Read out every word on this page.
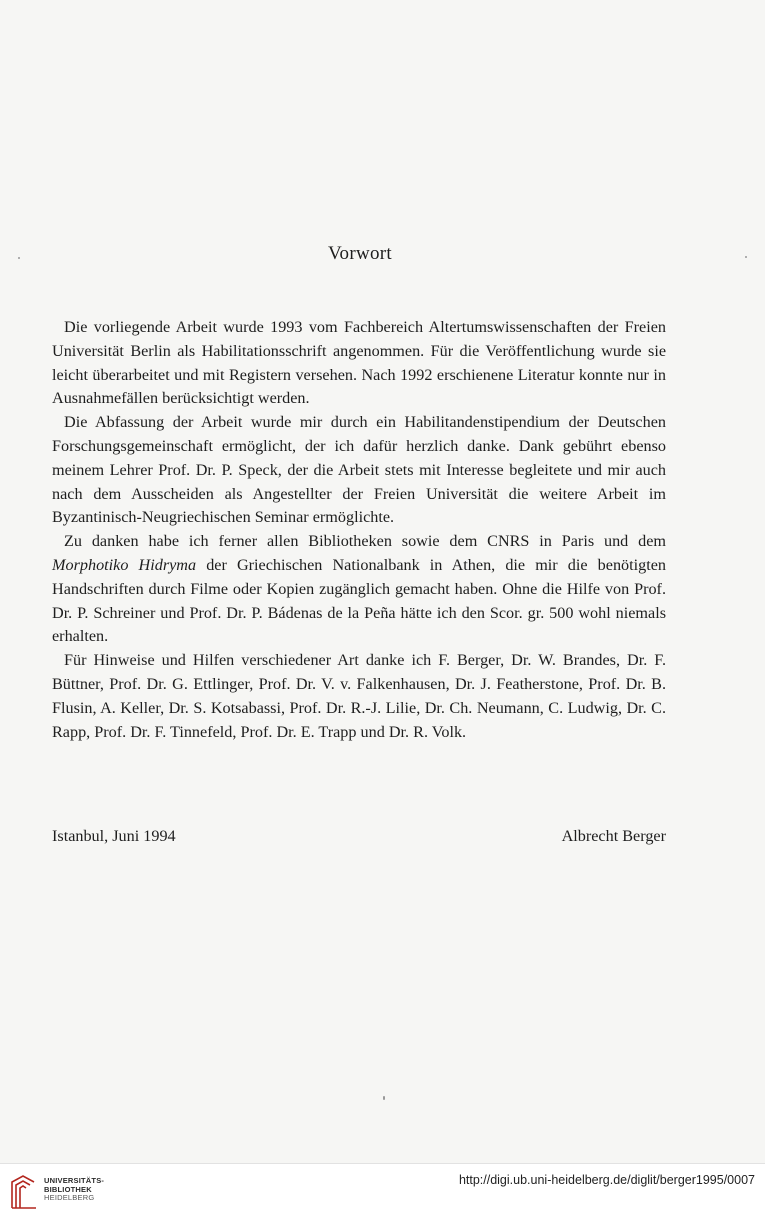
Vorwort

Die vorliegende Arbeit wurde 1993 vom Fachbereich Altertumswissenschaften der Freien Universität Berlin als Habilitationsschrift angenommen. Für die Veröffentlichung wurde sie leicht überarbeitet und mit Registern versehen. Nach 1992 erschienene Literatur konnte nur in Ausnahmefällen berücksichtigt werden.

Die Abfassung der Arbeit wurde mir durch ein Habilitandenstipendium der Deutschen Forschungsgemeinschaft ermöglicht, der ich dafür herzlich danke. Dank gebührt ebenso meinem Lehrer Prof. Dr. P. Speck, der die Arbeit stets mit Interesse begleitete und mir auch nach dem Ausscheiden als Angestellter der Freien Universität die weitere Arbeit im Byzantinisch-Neugriechischen Seminar ermöglichte.

Zu danken habe ich ferner allen Bibliotheken sowie dem CNRS in Paris und dem Morphotiko Hidryma der Griechischen Nationalbank in Athen, die mir die benötigten Handschriften durch Filme oder Kopien zugänglich gemacht haben. Ohne die Hilfe von Prof. Dr. P. Schreiner und Prof. Dr. P. Bádenas de la Peña hätte ich den Scor. gr. 500 wohl niemals erhalten.

Für Hinweise und Hilfen verschiedener Art danke ich F. Berger, Dr. W. Brandes, Dr. F. Büttner, Prof. Dr. G. Ettlinger, Prof. Dr. V. v. Falkenhausen, Dr. J. Featherstone, Prof. Dr. B. Flusin, A. Keller, Dr. S. Kotsabassi, Prof. Dr. R.-J. Lilie, Dr. Ch. Neumann, C. Ludwig, Dr. C. Rapp, Prof. Dr. F. Tinnefeld, Prof. Dr. E. Trapp und Dr. R. Volk.

Istanbul, Juni 1994	Albrecht Berger
UNIVERSITÄTS-
BIBLIOTHEK
HEIDELBERG
http://digi.ub.uni-heidelberg.de/diglit/berger1995/0007
